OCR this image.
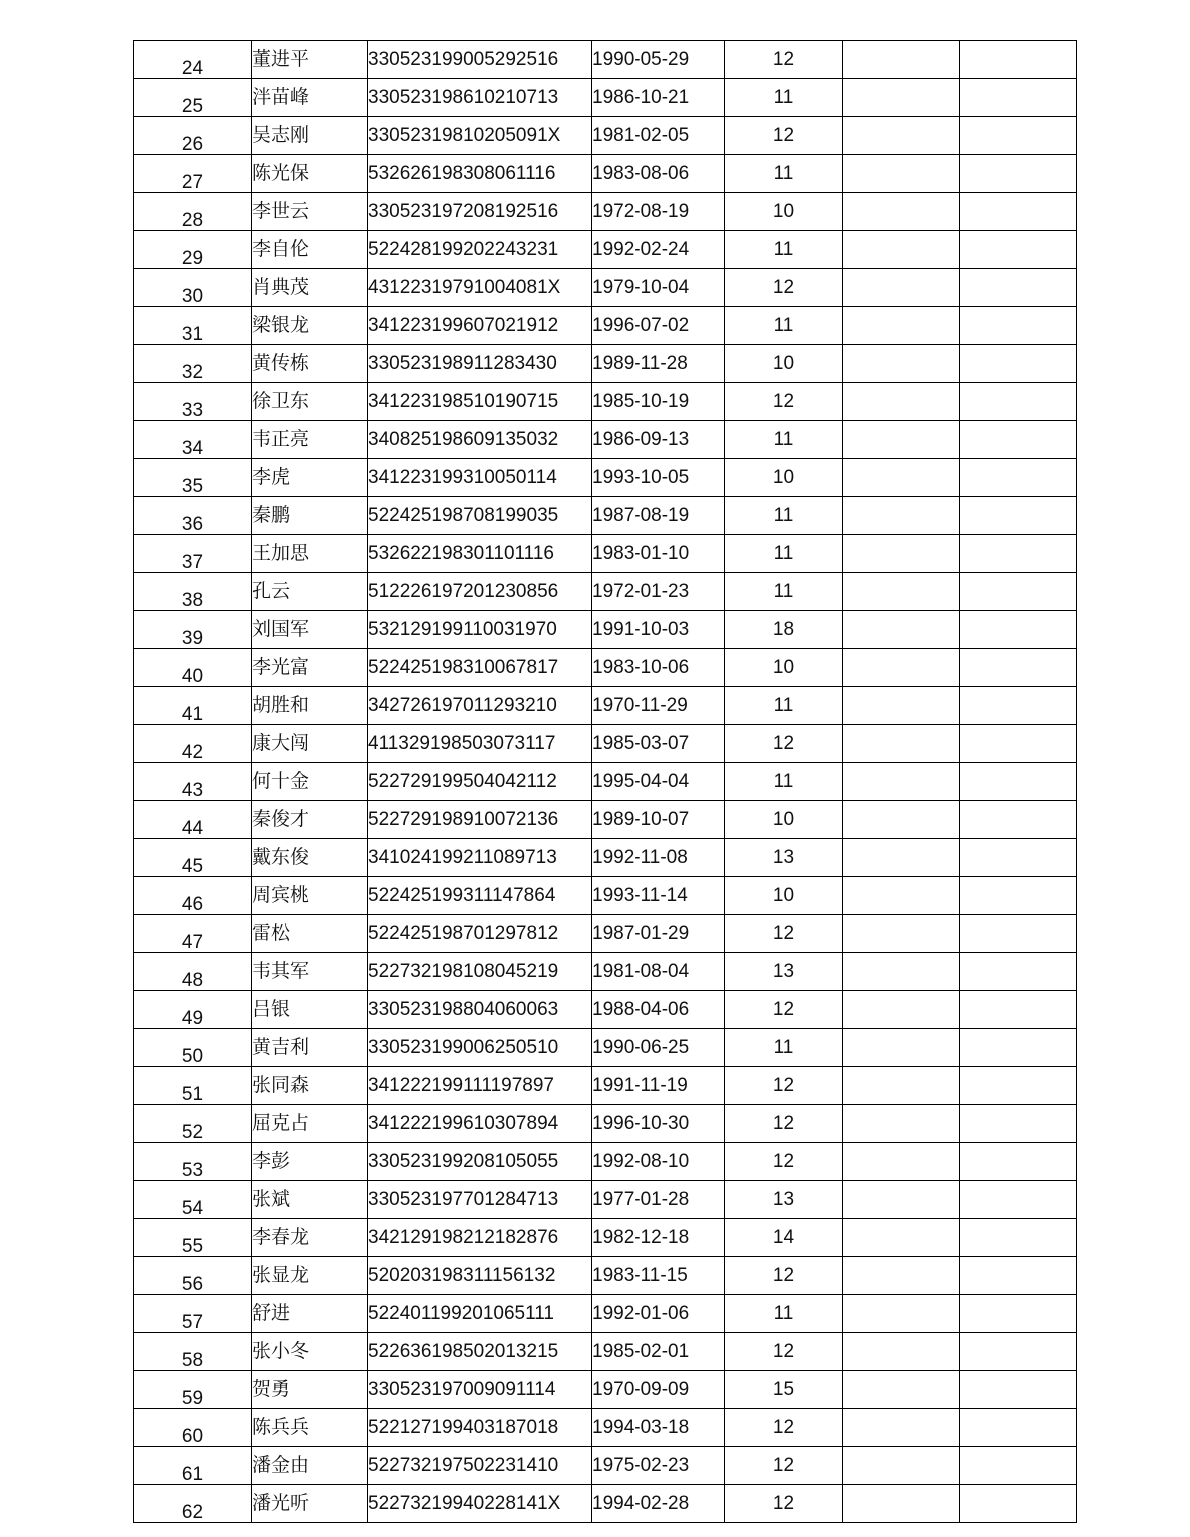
24	董进平	330523199005292516	1990-05-29	12		
25	泮苗峰	330523198610210713	1986-10-21	11		
26	吴志刚	33052319810205091X	1981-02-05	12		
27	陈光保	532626198308061116	1983-08-06	11		
28	李世云	330523197208192516	1972-08-19	10		
29	李自伦	522428199202243231	1992-02-24	11		
30	肖典茂	43122319791004081X	1979-10-04	12		
31	梁银龙	341223199607021912	1996-07-02	11		
32	黄传栋	330523198911283430	1989-11-28	10		
33	徐卫东	341223198510190715	1985-10-19	12		
34	韦正亮	340825198609135032	1986-09-13	11		
35	李虎	341223199310050114	1993-10-05	10		
36	秦鹏	522425198708199035	1987-08-19	11		
37	王加思	532622198301101116	1983-01-10	11		
38	孔云	512226197201230856	1972-01-23	11		
39	刘国军	532129199110031970	1991-10-03	18		
40	李光富	522425198310067817	1983-10-06	10		
41	胡胜和	342726197011293210	1970-11-29	11		
42	康大闯	411329198503073117	1985-03-07	12		
43	何十金	522729199504042112	1995-04-04	11		
44	秦俊才	522729198910072136	1989-10-07	10		
45	戴东俊	341024199211089713	1992-11-08	13		
46	周宾桃	522425199311147864	1993-11-14	10		
47	雷松	522425198701297812	1987-01-29	12		
48	韦其军	522732198108045219	1981-08-04	13		
49	吕银	330523198804060063	1988-04-06	12		
50	黄吉利	330523199006250510	1990-06-25	11		
51	张同森	341222199111197897	1991-11-19	12		
52	屈克占	341222199610307894	1996-10-30	12		
53	李彭	330523199208105055	1992-08-10	12		
54	张斌	330523197701284713	1977-01-28	13		
55	李春龙	342129198212182876	1982-12-18	14		
56	张显龙	520203198311156132	1983-11-15	12		
57	舒进	522401199201065111	1992-01-06	11		
58	张小冬	522636198502013215	1985-02-01	12		
59	贺勇	330523197009091114	1970-09-09	15		
60	陈兵兵	522127199403187018	1994-03-18	12		
61	潘金由	522732197502231410	1975-02-23	12		
62	潘光听	52273219940228141X	1994-02-28	12		
